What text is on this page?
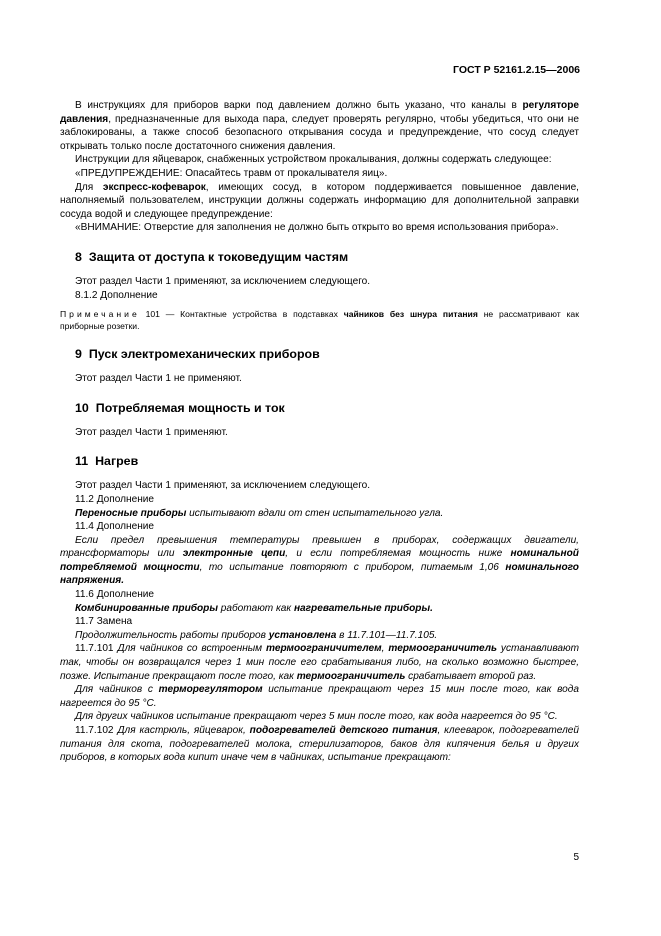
ГОСТ Р 52161.2.15—2006

В инструкциях для приборов варки под давлением должно быть указано, что каналы в регуляторе давления, предназначенные для выхода пара, следует проверять регулярно, чтобы убедиться, что они не заблокированы, а также способ безопасного открывания сосуда и предупреждение, что сосуд следует открывать только после достаточного снижения давления.

Инструкции для яйцеварок, снабженных устройством прокалывания, должны содержать следующее:

«ПРЕДУПРЕЖДЕНИЕ: Опасайтесь травм от прокалывателя яиц».

Для экспресс-кофеварок, имеющих сосуд, в котором поддерживается повышенное давление, наполняемый пользователем, инструкции должны содержать информацию для дополнительной заправки сосуда водой и следующее предупреждение:

«ВНИМАНИЕ: Отверстие для заполнения не должно быть открыто во время использования прибора».

8 Защита от доступа к токоведущим частям

Этот раздел Части 1 применяют, за исключением следующего.

8.1.2 Дополнение

Примечание 101 — Контактные устройства в подставках чайников без шнура питания не рассматривают как приборные розетки.

9 Пуск электромеханических приборов

Этот раздел Части 1 не применяют.

10 Потребляемая мощность и ток

Этот раздел Части 1 применяют.

11 Нагрев

Этот раздел Части 1 применяют, за исключением следующего.

11.2 Дополнение

Переносные приборы испытывают вдали от стен испытательного угла.

11.4 Дополнение

Если предел превышения температуры превышен в приборах, содержащих двигатели, трансформаторы или электронные цепи, и если потребляемая мощность ниже номинальной потребляемой мощности, то испытание повторяют с прибором, питаемым 1,06 номинального напряжения.

11.6 Дополнение

Комбинированные приборы работают как нагревательные приборы.

11.7 Замена

Продолжительность работы приборов установлена в 11.7.101—11.7.105.

11.7.101 Для чайников со встроенным термоограничителем, термоограничитель устанавливают так, чтобы он возвращался через 1 мин после его срабатывания либо, на сколько возможно быстрее, позже. Испытание прекращают после того, как термоограничитель срабатывает второй раз.

Для чайников с терморегулятором испытание прекращают через 15 мин после того, как вода нагреется до 95 °С.

Для других чайников испытание прекращают через 5 мин после того, как вода нагреется до 95 °С.

11.7.102 Для кастрюль, яйцеварок, подогревателей детского питания, клееварок, подогревателей питания для скота, подогревателей молока, стерилизаторов, баков для кипячения белья и других приборов, в которых вода кипит иначе чем в чайниках, испытание прекращают:

5
